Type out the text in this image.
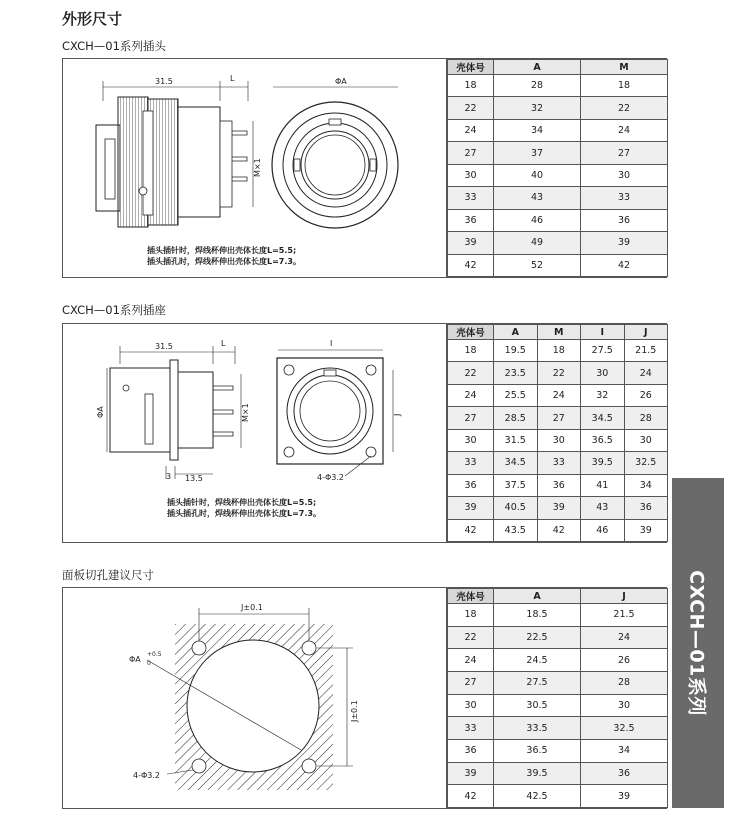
外形尺寸
CXCH—01系列插头
31.5	L
M×1
ΦA
插头插针时，焊线杯伸出壳体长度L=5.5;
插头插孔时，焊线杯伸出壳体长度L=7.3。
壳体号	A	M
18	28	18
22	32	22
24	34	24
27	37	27
30	40	30
33	43	33
36	46	36
39	49	39
42	52	42
CXCH—01系列插座
31.5	L
M×1
ΦA
3 13.5
I
J
4-Φ3.2
插头插针时，焊线杯伸出壳体长度L=5.5;
插头插孔时，焊线杯伸出壳体长度L=7.3。
壳体号	A	M	I	J
18	19.5	18	27.5	21.5
22	23.5	22	30	24
24	25.5	24	32	26
27	28.5	27	34.5	28
30	31.5	30	36.5	30
33	34.5	33	39.5	32.5
36	37.5	36	41	34
39	40.5	39	43	36
42	43.5	42	46	39
面板切孔建议尺寸
J±0.1
J±0.1
ΦA
+0.5
0
4-Φ3.2
壳体号	A	J
18	18.5	21.5
22	22.5	24
24	24.5	26
27	27.5	28
30	30.5	30
33	33.5	32.5
36	36.5	34
39	39.5	36
42	42.5	39
CXCH—01系列
